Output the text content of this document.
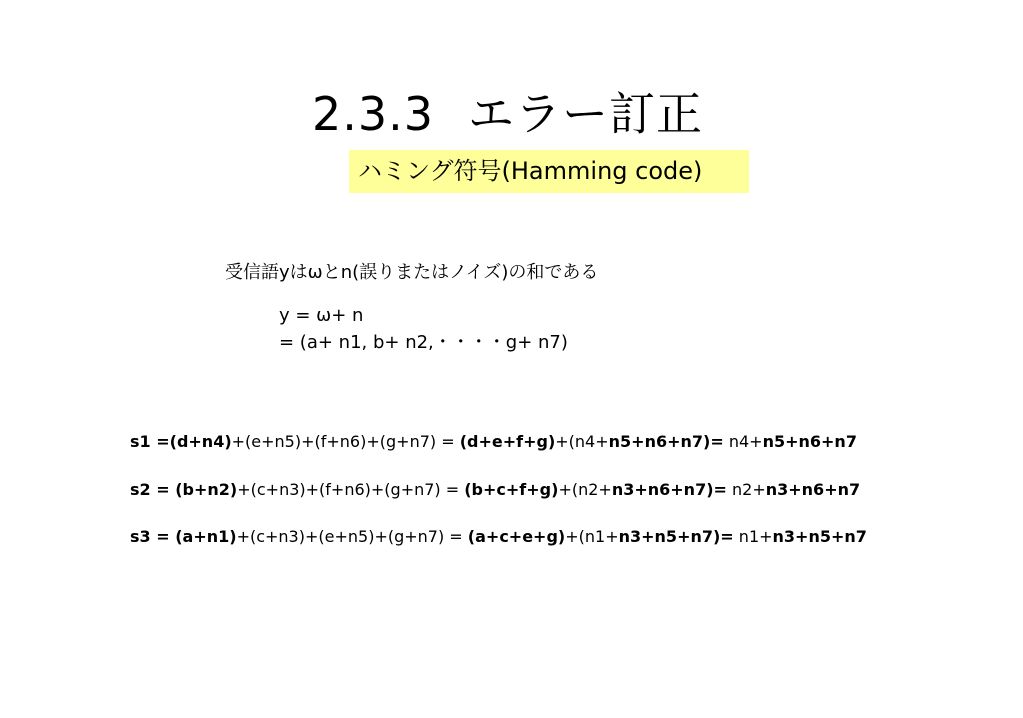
2.3.3 エラー訂正
ハミング符号(Hamming code)
受信語yはωとn(誤りまたはノイズ)の和である
y = ω+ n
= (a+ n1, b+ n2,・・・・g+ n7)
s1 =(d+n4)+(e+n5)+(f+n6)+(g+n7) = (d+e+f+g)+(n4+n5+n6+n7)= n4+n5+n6+n7
s2 = (b+n2)+(c+n3)+(f+n6)+(g+n7) = (b+c+f+g)+(n2+n3+n6+n7)= n2+n3+n6+n7
s3 = (a+n1)+(c+n3)+(e+n5)+(g+n7) = (a+c+e+g)+(n1+n3+n5+n7)= n1+n3+n5+n7
